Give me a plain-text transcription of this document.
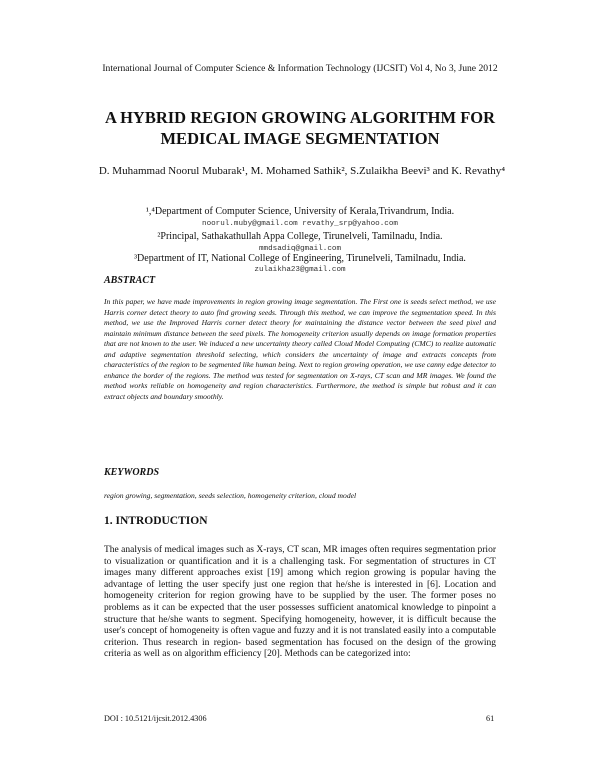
International Journal of Computer Science & Information Technology (IJCSIT) Vol 4, No 3, June 2012
A HYBRID REGION GROWING ALGORITHM FOR
MEDICAL IMAGE SEGMENTATION
D. Muhammad Noorul Mubarak¹, M. Mohamed Sathik², S.Zulaikha Beevi³ and K. Revathy⁴
¹,⁴Department of Computer Science, University of Kerala,Trivandrum, India.
noorul.muby@gmail.com revathy_srp@yahoo.com
²Principal, Sathakathullah Appa College, Tirunelveli, Tamilnadu, India.
mmdsadiq@gmail.com
³Department of IT, National College of Engineering, Tirunelveli, Tamilnadu, India.
zulaikha23@gmail.com
ABSTRACT
In this paper, we have made improvements in region growing image segmentation. The First one is seeds select method, we use Harris corner detect theory to auto find growing seeds. Through this method, we can improve the segmentation speed. In this method, we use the Improved Harris corner detect theory for maintaining the distance vector between the seed pixel and maintain minimum distance between the seed pixels. The homogeneity criterion usually depends on image formation properties that are not known to the user. We induced a new uncertainty theory called Cloud Model Computing (CMC) to realize automatic and adaptive segmentation threshold selecting, which considers the uncertainty of image and extracts concepts from characteristics of the region to be segmented like human being. Next to region growing operation, we use canny edge detector to enhance the border of the regions. The method was tested for segmentation on X-rays, CT scan and MR images. We found the method works reliable on homogeneity and region characteristics. Furthermore, the method is simple but robust and it can extract objects and boundary smoothly.
KEYWORDS
region growing, segmentation, seeds selection, homogeneity criterion, cloud model
1. INTRODUCTION
The analysis of medical images such as X-rays, CT scan, MR images often requires segmentation prior to visualization or quantification and it is a challenging task. For segmentation of structures in CT images many different approaches exist [19] among which region growing is popular having the advantage of letting the user specify just one region that he/she is interested in [6]. Location and homogeneity criterion for region growing have to be supplied by the user. The former poses no problems as it can be expected that the user possesses sufficient anatomical knowledge to pinpoint a structure that he/she wants to segment. Specifying homogeneity, however, it is difficult because the user's concept of homogeneity is often vague and fuzzy and it is not translated easily into a computable criterion. Thus research in region- based segmentation has focused on the design of the growing criteria as well as on algorithm efficiency [20]. Methods can be categorized into:
DOI : 10.5121/ijcsit.2012.4306	61
